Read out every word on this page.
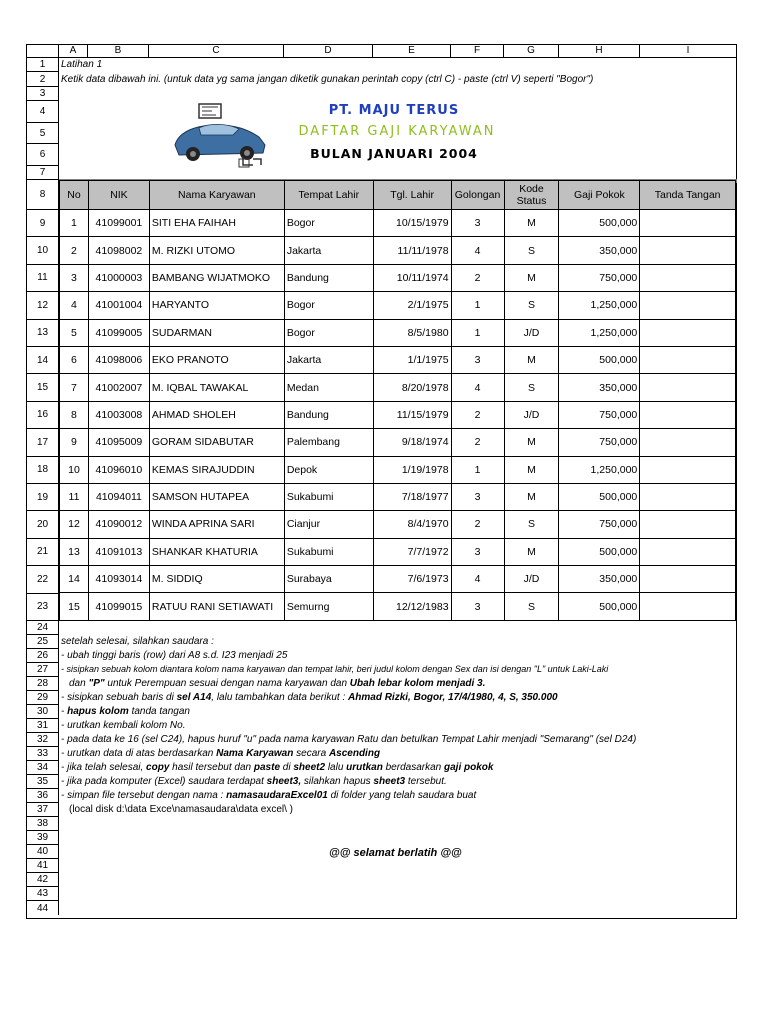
A	B	C	D	E	F	G	H	I
1
2
3
4
5
6
7
8
9
10
11
12
13
14
15
16
17
18
19
20
21
22
23
24
25
26
27
28
29
30
31
32
33
34
35
36
37
38
39
40
41
42
43
44
Latihan 1
Ketik data dibawah ini. (untuk data yg sama jangan diketik gunakan perintah copy (ctrl C) - paste (ctrl V) seperti "Bogor")
PT. MAJU TERUS
DAFTAR GAJI KARYAWAN
BULAN JANUARI 2004
No	NIK	Nama Karyawan	Tempat Lahir	Tgl. Lahir	Golongan	Kode Status	Gaji Pokok	Tanda Tangan
1	41099001	SITI EHA FAIHAH	Bogor	10/15/1979	3	M	500,000	
2	41098002	M. RIZKI UTOMO	Jakarta	11/11/1978	4	S	350,000	
3	41000003	BAMBANG WIJATMOKO	Bandung	10/11/1974	2	M	750,000	
4	41001004	HARYANTO	Bogor	2/1/1975	1	S	1,250,000	
5	41099005	SUDARMAN	Bogor	8/5/1980	1	J/D	1,250,000	
6	41098006	EKO PRANOTO	Jakarta	1/1/1975	3	M	500,000	
7	41002007	M. IQBAL TAWAKAL	Medan	8/20/1978	4	S	350,000	
8	41003008	AHMAD SHOLEH	Bandung	11/15/1979	2	J/D	750,000	
9	41095009	GORAM SIDABUTAR	Palembang	9/18/1974	2	M	750,000	
10	41096010	KEMAS SIRAJUDDIN	Depok	1/19/1978	1	M	1,250,000	
11	41094011	SAMSON HUTAPEA	Sukabumi	7/18/1977	3	M	500,000	
12	41090012	WINDA APRINA SARI	Cianjur	8/4/1970	2	S	750,000	
13	41091013	SHANKAR KHATURIA	Sukabumi	7/7/1972	3	M	500,000	
14	41093014	M. SIDDIQ	Surabaya	7/6/1973	4	J/D	350,000	
15	41099015	RATUU RANI SETIAWATI	Semurng	12/12/1983	3	S	500,000	
setelah selesai, silahkan saudara :
- ubah tinggi baris (row) dari A8 s.d. I23 menjadi 25
- sisipkan sebuah kolom diantara kolom nama karyawan dan tempat lahir, beri judul kolom dengan Sex dan isi dengan "L" untuk Laki-Laki
dan "P" untuk Perempuan sesuai dengan nama karyawan dan Ubah lebar kolom menjadi 3.
- sisipkan sebuah baris di sel A14, lalu tambahkan data berikut : Ahmad Rizki, Bogor, 17/4/1980, 4, S, 350.000
- hapus kolom tanda tangan
- urutkan kembali kolom No.
- pada data ke 16 (sel C24), hapus huruf "u" pada nama karyawan Ratu dan betulkan Tempat Lahir menjadi "Semarang" (sel D24)
- urutkan data di atas berdasarkan Nama Karyawan secara Ascending
- jika telah selesai, copy hasil tersebut dan paste di sheet2 lalu urutkan berdasarkan gaji pokok
- jika pada komputer (Excel) saudara terdapat sheet3, silahkan hapus sheet3 tersebut.
- simpan file tersebut dengan nama : namasaudaraExcel01 di folder yang telah saudara buat
(local disk d:\data Exce\namasaudara\data excel\ )
@@ selamat berlatih @@
